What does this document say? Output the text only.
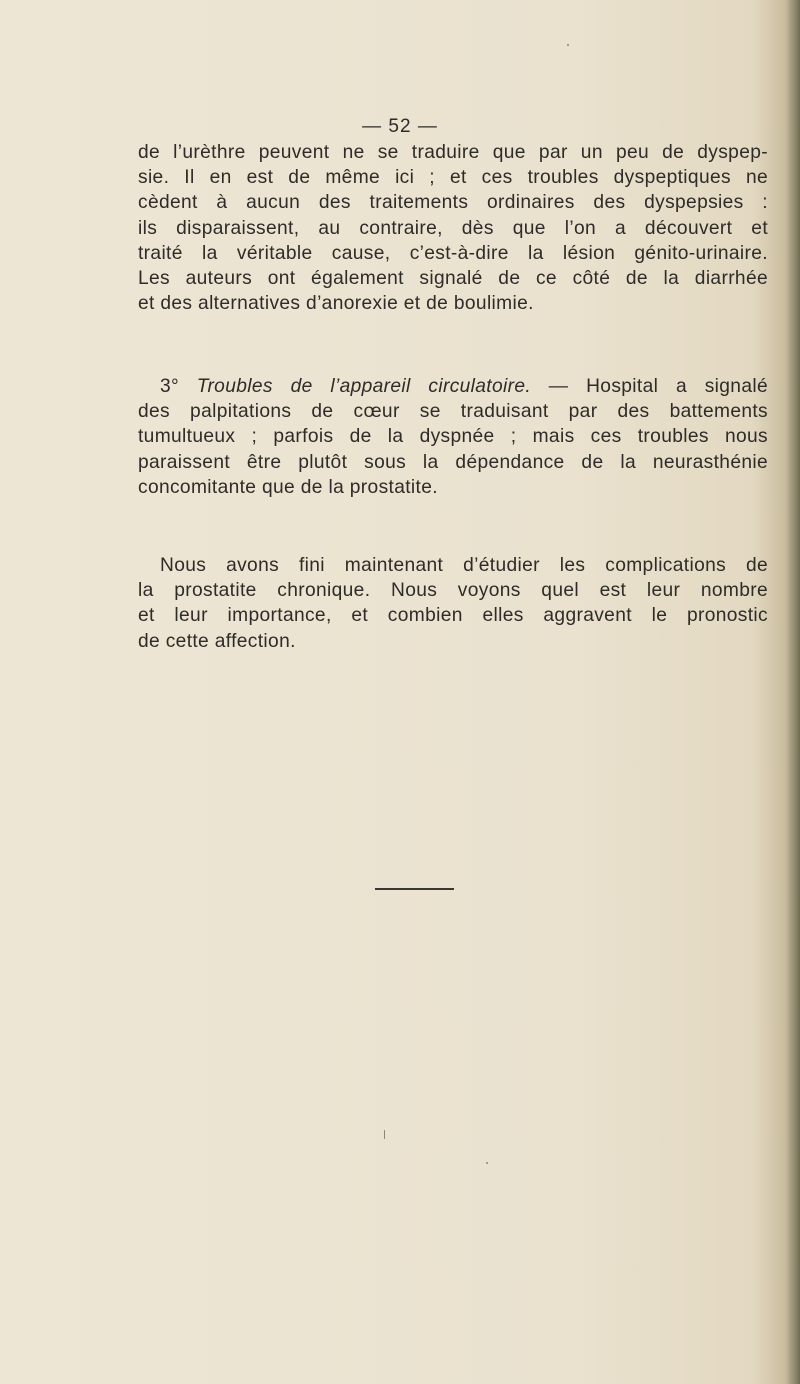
— 52 —
de l’urèthre peuvent ne se traduire que par un peu de dyspep-
sie. Il en est de même ici ; et ces troubles dyspeptiques ne
cèdent à aucun des traitements ordinaires des dyspepsies :
ils disparaissent, au contraire, dès que l’on a découvert et
traité la véritable cause, c’est-à-dire la lésion génito-urinaire.
Les auteurs ont également signalé de ce côté de la diarrhée
et des alternatives d’anorexie et de boulimie.
3° Troubles de l’appareil circulatoire. — Hospital a signalé
des palpitations de cœur se traduisant par des battements
tumultueux ; parfois de la dyspnée ; mais ces troubles nous
paraissent être plutôt sous la dépendance de la neurasthénie
concomitante que de la prostatite.
Nous avons fini maintenant d’étudier les complications de
la prostatite chronique. Nous voyons quel est leur nombre
et leur importance, et combien elles aggravent le pronostic
de cette affection.
